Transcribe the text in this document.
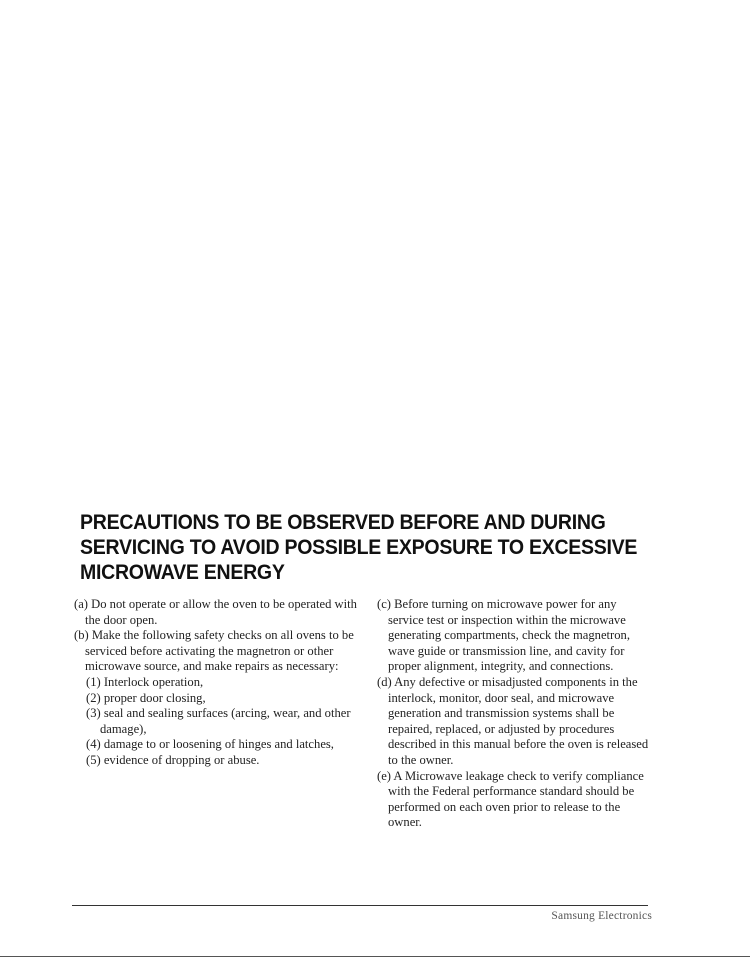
PRECAUTIONS TO BE OBSERVED BEFORE AND DURING
SERVICING TO AVOID POSSIBLE EXPOSURE TO EXCESSIVE
MICROWAVE ENERGY

(a) Do not operate or allow the oven to be operated with the door open.

(b) Make the following safety checks on all ovens to be serviced before activating the magnetron or other microwave source, and make repairs as necessary:

(1) Interlock operation,

(2) proper door closing,

(3) seal and sealing surfaces (arcing, wear, and other damage),

(4) damage to or loosening of hinges and latches,

(5) evidence of dropping or abuse.

(c) Before turning on microwave power for any service test or inspection within the microwave generating compartments, check the magnetron, wave guide or transmission line, and cavity for proper alignment, integrity, and connections.

(d) Any defective or misadjusted components in the interlock, monitor, door seal, and microwave generation and transmission systems shall be repaired, replaced, or adjusted by procedures described in this manual before the oven is released to the owner.

(e) A Microwave leakage check to verify compliance with the Federal performance standard should be performed on each oven prior to release to the owner.

Samsung Electronics
